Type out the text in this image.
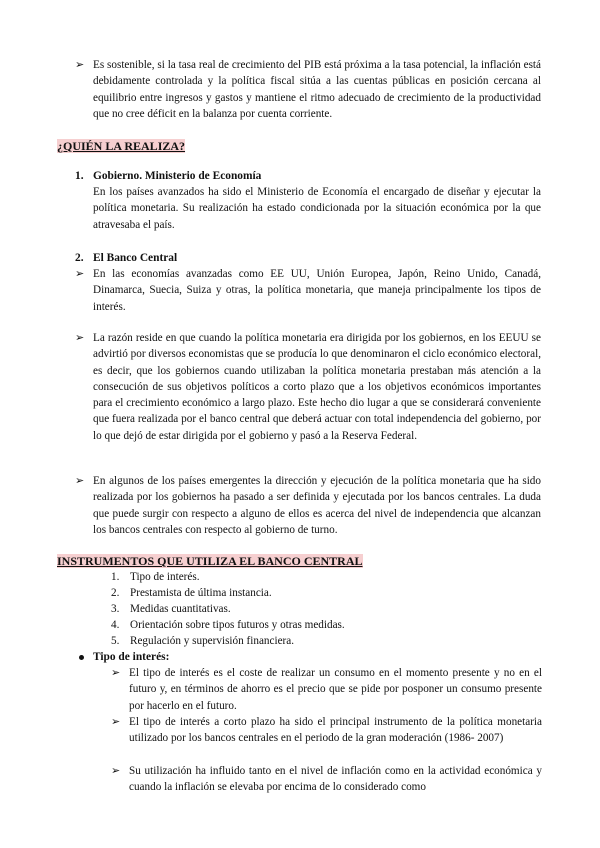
➢ Es sostenible, si la tasa real de crecimiento del PIB está próxima a la tasa potencial, la inflación está debidamente controlada y la política fiscal sitúa a las cuentas públicas en posición cercana al equilibrio entre ingresos y gastos y mantiene el ritmo adecuado de crecimiento de la productividad que no cree déficit en la balanza por cuenta corriente.

¿QUIÉN LA REALIZA?
1. Gobierno. Ministerio de Economía

En los países avanzados ha sido el Ministerio de Economía el encargado de diseñar y ejecutar la política monetaria. Su realización ha estado condicionada por la situación económica por la que atravesaba el país.

2. El Banco Central
➢ En las economías avanzadas como EE UU, Unión Europea, Japón, Reino Unido, Canadá, Dinamarca, Suecia, Suiza y otras, la política monetaria, que maneja principalmente los tipos de interés.

➢ La razón reside en que cuando la política monetaria era dirigida por los gobiernos, en los EEUU se advirtió por diversos economistas que se producía lo que denominaron el ciclo económico electoral, es decir, que los gobiernos cuando utilizaban la política monetaria prestaban más atención a la consecución de sus objetivos políticos a corto plazo que a los objetivos económicos importantes para el crecimiento económico a largo plazo. Este hecho dio lugar a que se considerará conveniente que fuera realizada por el banco central que deberá actuar con total independencia del gobierno, por lo que dejó de estar dirigida por el gobierno y pasó a la Reserva Federal.

➢ En algunos de los países emergentes la dirección y ejecución de la política monetaria que ha sido realizada por los gobiernos ha pasado a ser definida y ejecutada por los bancos centrales. La duda que puede surgir con respecto a alguno de ellos es acerca del nivel de independencia que alcanzan los bancos centrales con respecto al gobierno de turno.

INSTRUMENTOS QUE UTILIZA EL BANCO CENTRAL
1. Tipo de interés.
2. Prestamista de última instancia.
3. Medidas cuantitativas.
4. Orientación sobre tipos futuros y otras medidas.
5. Regulación y supervisión financiera.
Tipo de interés:
➢ El tipo de interés es el coste de realizar un consumo en el momento presente y no en el futuro y, en términos de ahorro es el precio que se pide por posponer un consumo presente por hacerlo en el futuro.

➢ El tipo de interés a corto plazo ha sido el principal instrumento de la política monetaria utilizado por los bancos centrales en el periodo de la gran moderación (1986- 2007)

➢ Su utilización ha influido tanto en el nivel de inflación como en la actividad económica y cuando la inflación se elevaba por encima de lo considerado como
